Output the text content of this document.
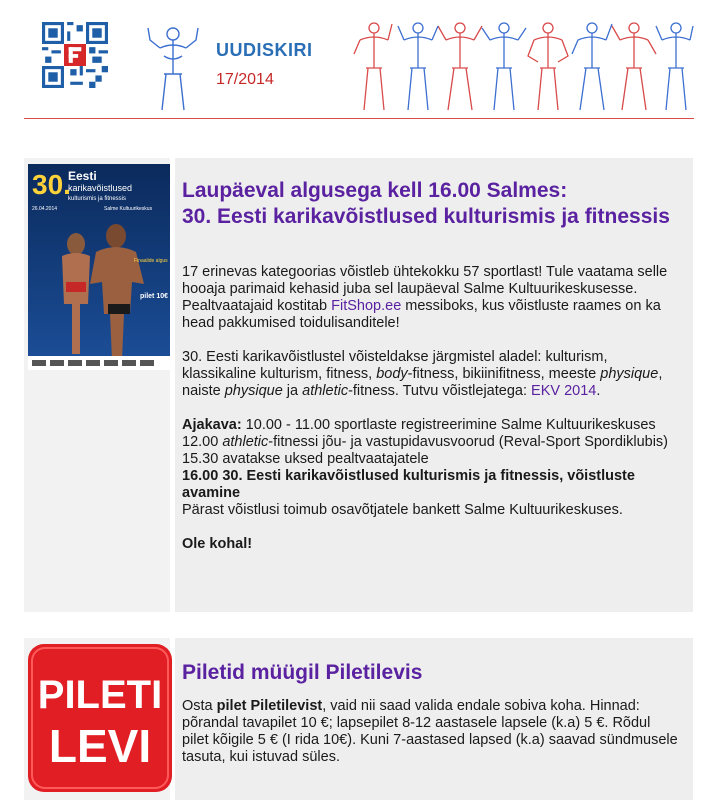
UUDISKIRI
17/2014
30.
Eesti
karikavõistlused
kulturismis ja fitnessis
26.04.2014	Salme Kultuurikeskus
Finaalide algus
pilet 10€
Laupäeval algusega kell 16.00 Salmes:
30. Eesti karikavõistlused kulturismis ja fitnessis

17 erinevas kategoorias võistleb ühtekokku 57 sportlast! Tule vaatama selle hooaja parimaid kehasid juba sel laupäeval Salme Kultuurikeskusesse. Pealtvaatajaid kostitab FitShop.ee messiboks, kus võistluste raames on ka head pakkumised toidulisanditele!

30. Eesti karikavõistlustel võisteldakse järgmistel aladel: kulturism, klassikaline kulturism, fitness, body-fitness, bikiinifitness, meeste physique, naiste physique ja athletic-fitness. Tutvu võistlejatega: EKV 2014.

Ajakava: 10.00 - 11.00 sportlaste registreerimine Salme Kultuurikeskuses

12.00 athletic-fitnessi jõu- ja vastupidavusvoorud (Reval-Sport Spordiklubis)

15.30 avatakse uksed pealtvaatajatele

16.00 30. Eesti karikavõistlused kulturismis ja fitnessis, võistluste avamine

Pärast võistlusi toimub osavõtjatele bankett Salme Kultuurikeskuses.

Ole kohal!

PILETI
LEVI
Piletid müügil Piletilevis

Osta pilet Piletilevist, vaid nii saad valida endale sobiva koha. Hinnad: põrandal tavapilet 10 €; lapsepilet 8-12 aastasele lapsele (k.a) 5 €. Rõdul pilet kõigile 5 € (I rida 10€). Kuni 7-aastased lapsed (k.a) saavad sündmusele tasuta, kui istuvad süles.
